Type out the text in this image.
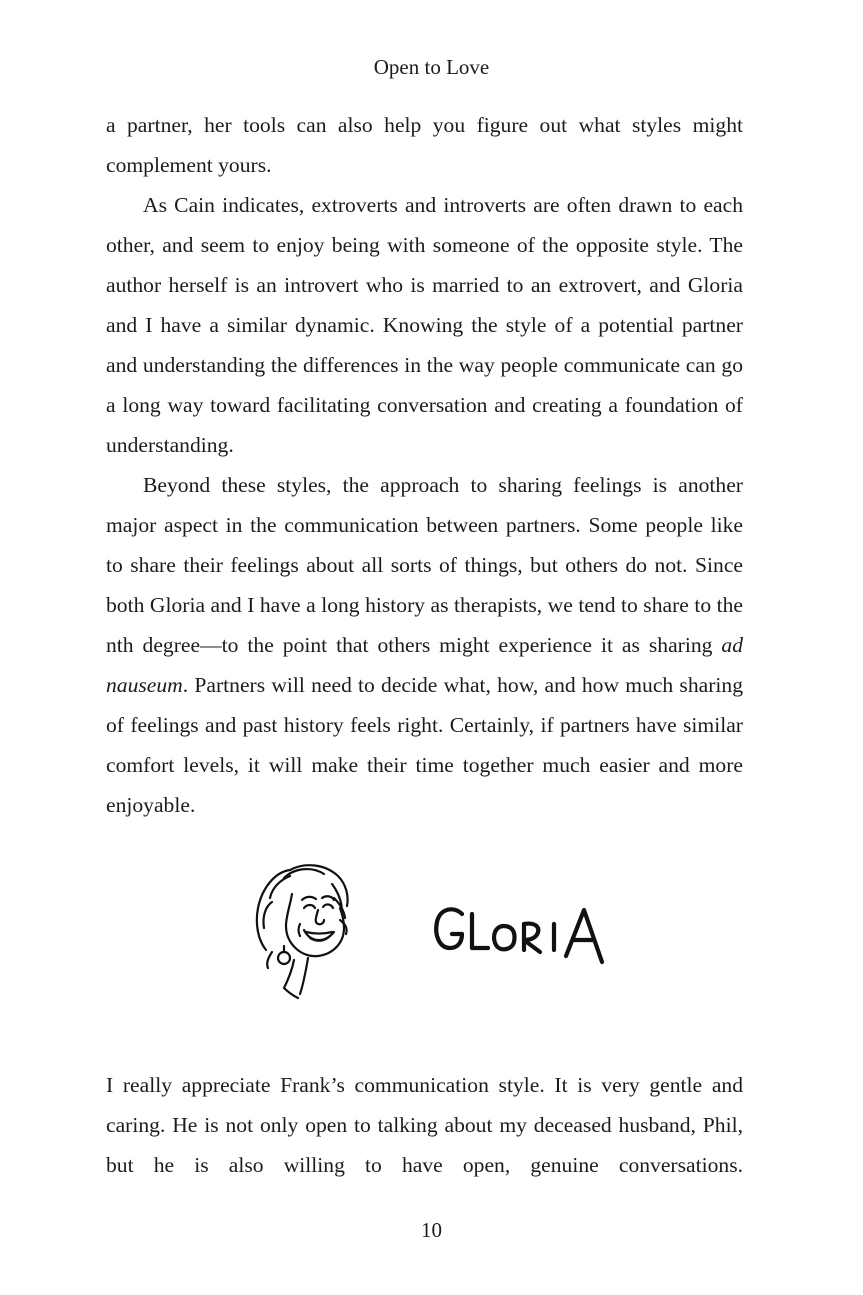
Open to Love

a partner, her tools can also help you figure out what styles might complement yours.

As Cain indicates, extroverts and introverts are often drawn to each other, and seem to enjoy being with someone of the opposite style. The author herself is an introvert who is married to an extrovert, and Gloria and I have a similar dynamic. Knowing the style of a potential partner and understanding the differences in the way people communicate can go a long way toward facilitating conversation and creating a foundation of understanding.

Beyond these styles, the approach to sharing feelings is another major aspect in the communication between partners. Some people like to share their feelings about all sorts of things, but others do not. Since both Gloria and I have a long history as therapists, we tend to share to the nth degree—to the point that others might experience it as sharing ad nauseum. Partners will need to decide what, how, and how much sharing of feelings and past history feels right. Certainly, if partners have similar comfort levels, it will make their time together much easier and more enjoyable.

I really appreciate Frank’s communication style. It is very gentle and caring. He is not only open to talking about my deceased husband, Phil, but he is also willing to have open, genuine conversations.

10
